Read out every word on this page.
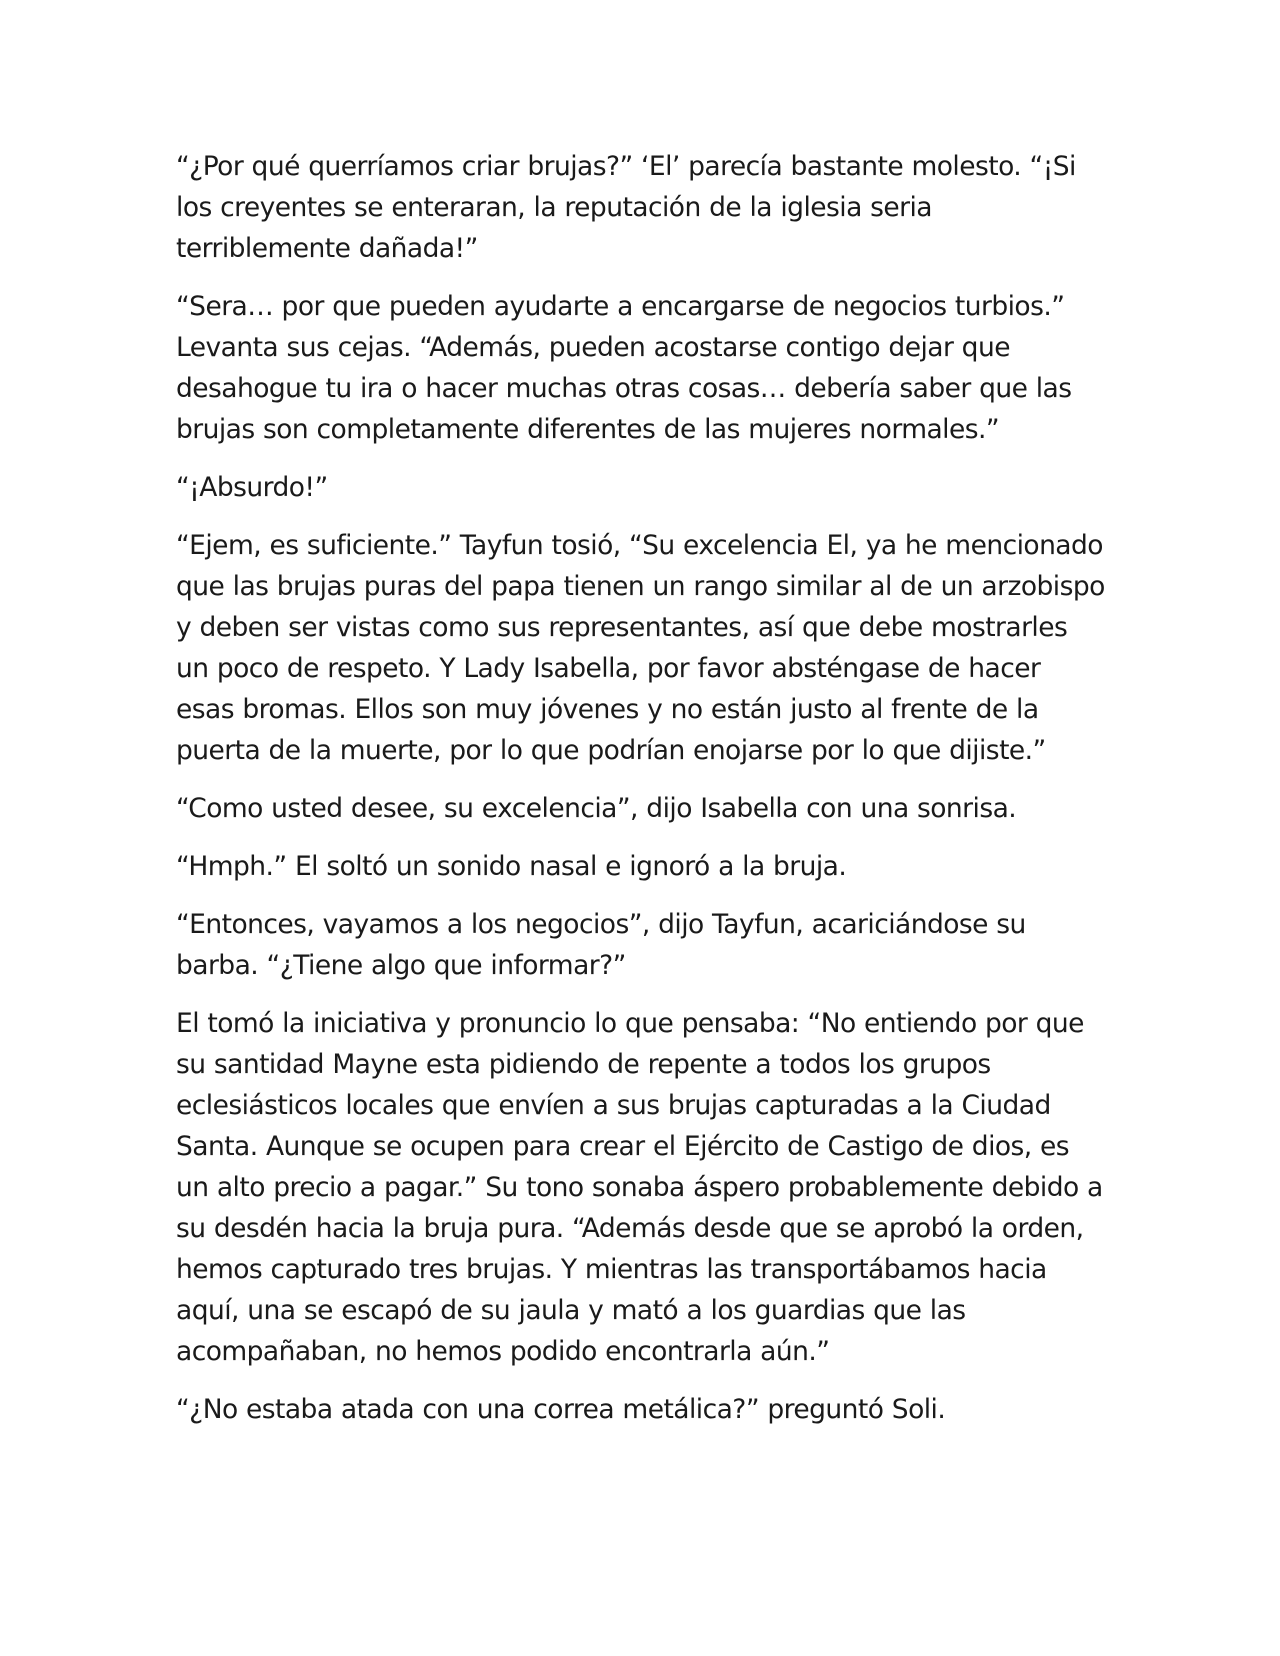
“¿Por qué querríamos criar brujas?” ‘El’ parecía bastante molesto. “¡Si los creyentes se enteraran, la reputación de la iglesia seria terriblemente dañada!”

“Sera… por que pueden ayudarte a encargarse de negocios turbios.” Levanta sus cejas. “Además, pueden acostarse contigo dejar que desahogue tu ira o hacer muchas otras cosas… debería saber que las brujas son completamente diferentes de las mujeres normales.”

“¡Absurdo!”

“Ejem, es suficiente.” Tayfun tosió, “Su excelencia El, ya he mencionado que las brujas puras del papa tienen un rango similar al de un arzobispo y deben ser vistas como sus representantes, así que debe mostrarles un poco de respeto. Y Lady Isabella, por favor absténgase de hacer esas bromas. Ellos son muy jóvenes y no están justo al frente de la puerta de la muerte, por lo que podrían enojarse por lo que dijiste.”

“Como usted desee, su excelencia”, dijo Isabella con una sonrisa.

“Hmph.” El soltó un sonido nasal e ignoró a la bruja.

“Entonces, vayamos a los negocios”, dijo Tayfun, acariciándose su barba. “¿Tiene algo que informar?”

El tomó la iniciativa y pronuncio lo que pensaba: “No entiendo por que su santidad Mayne esta pidiendo de repente a todos los grupos eclesiásticos locales que envíen a sus brujas capturadas a la Ciudad Santa. Aunque se ocupen para crear el Ejército de Castigo de dios, es un alto precio a pagar.” Su tono sonaba áspero probablemente debido a su desdén hacia la bruja pura. “Además desde que se aprobó la orden, hemos capturado tres brujas. Y mientras las transportábamos hacia aquí, una se escapó de su jaula y mató a los guardias que las acompañaban, no hemos podido encontrarla aún.”

“¿No estaba atada con una correa metálica?” preguntó Soli.
